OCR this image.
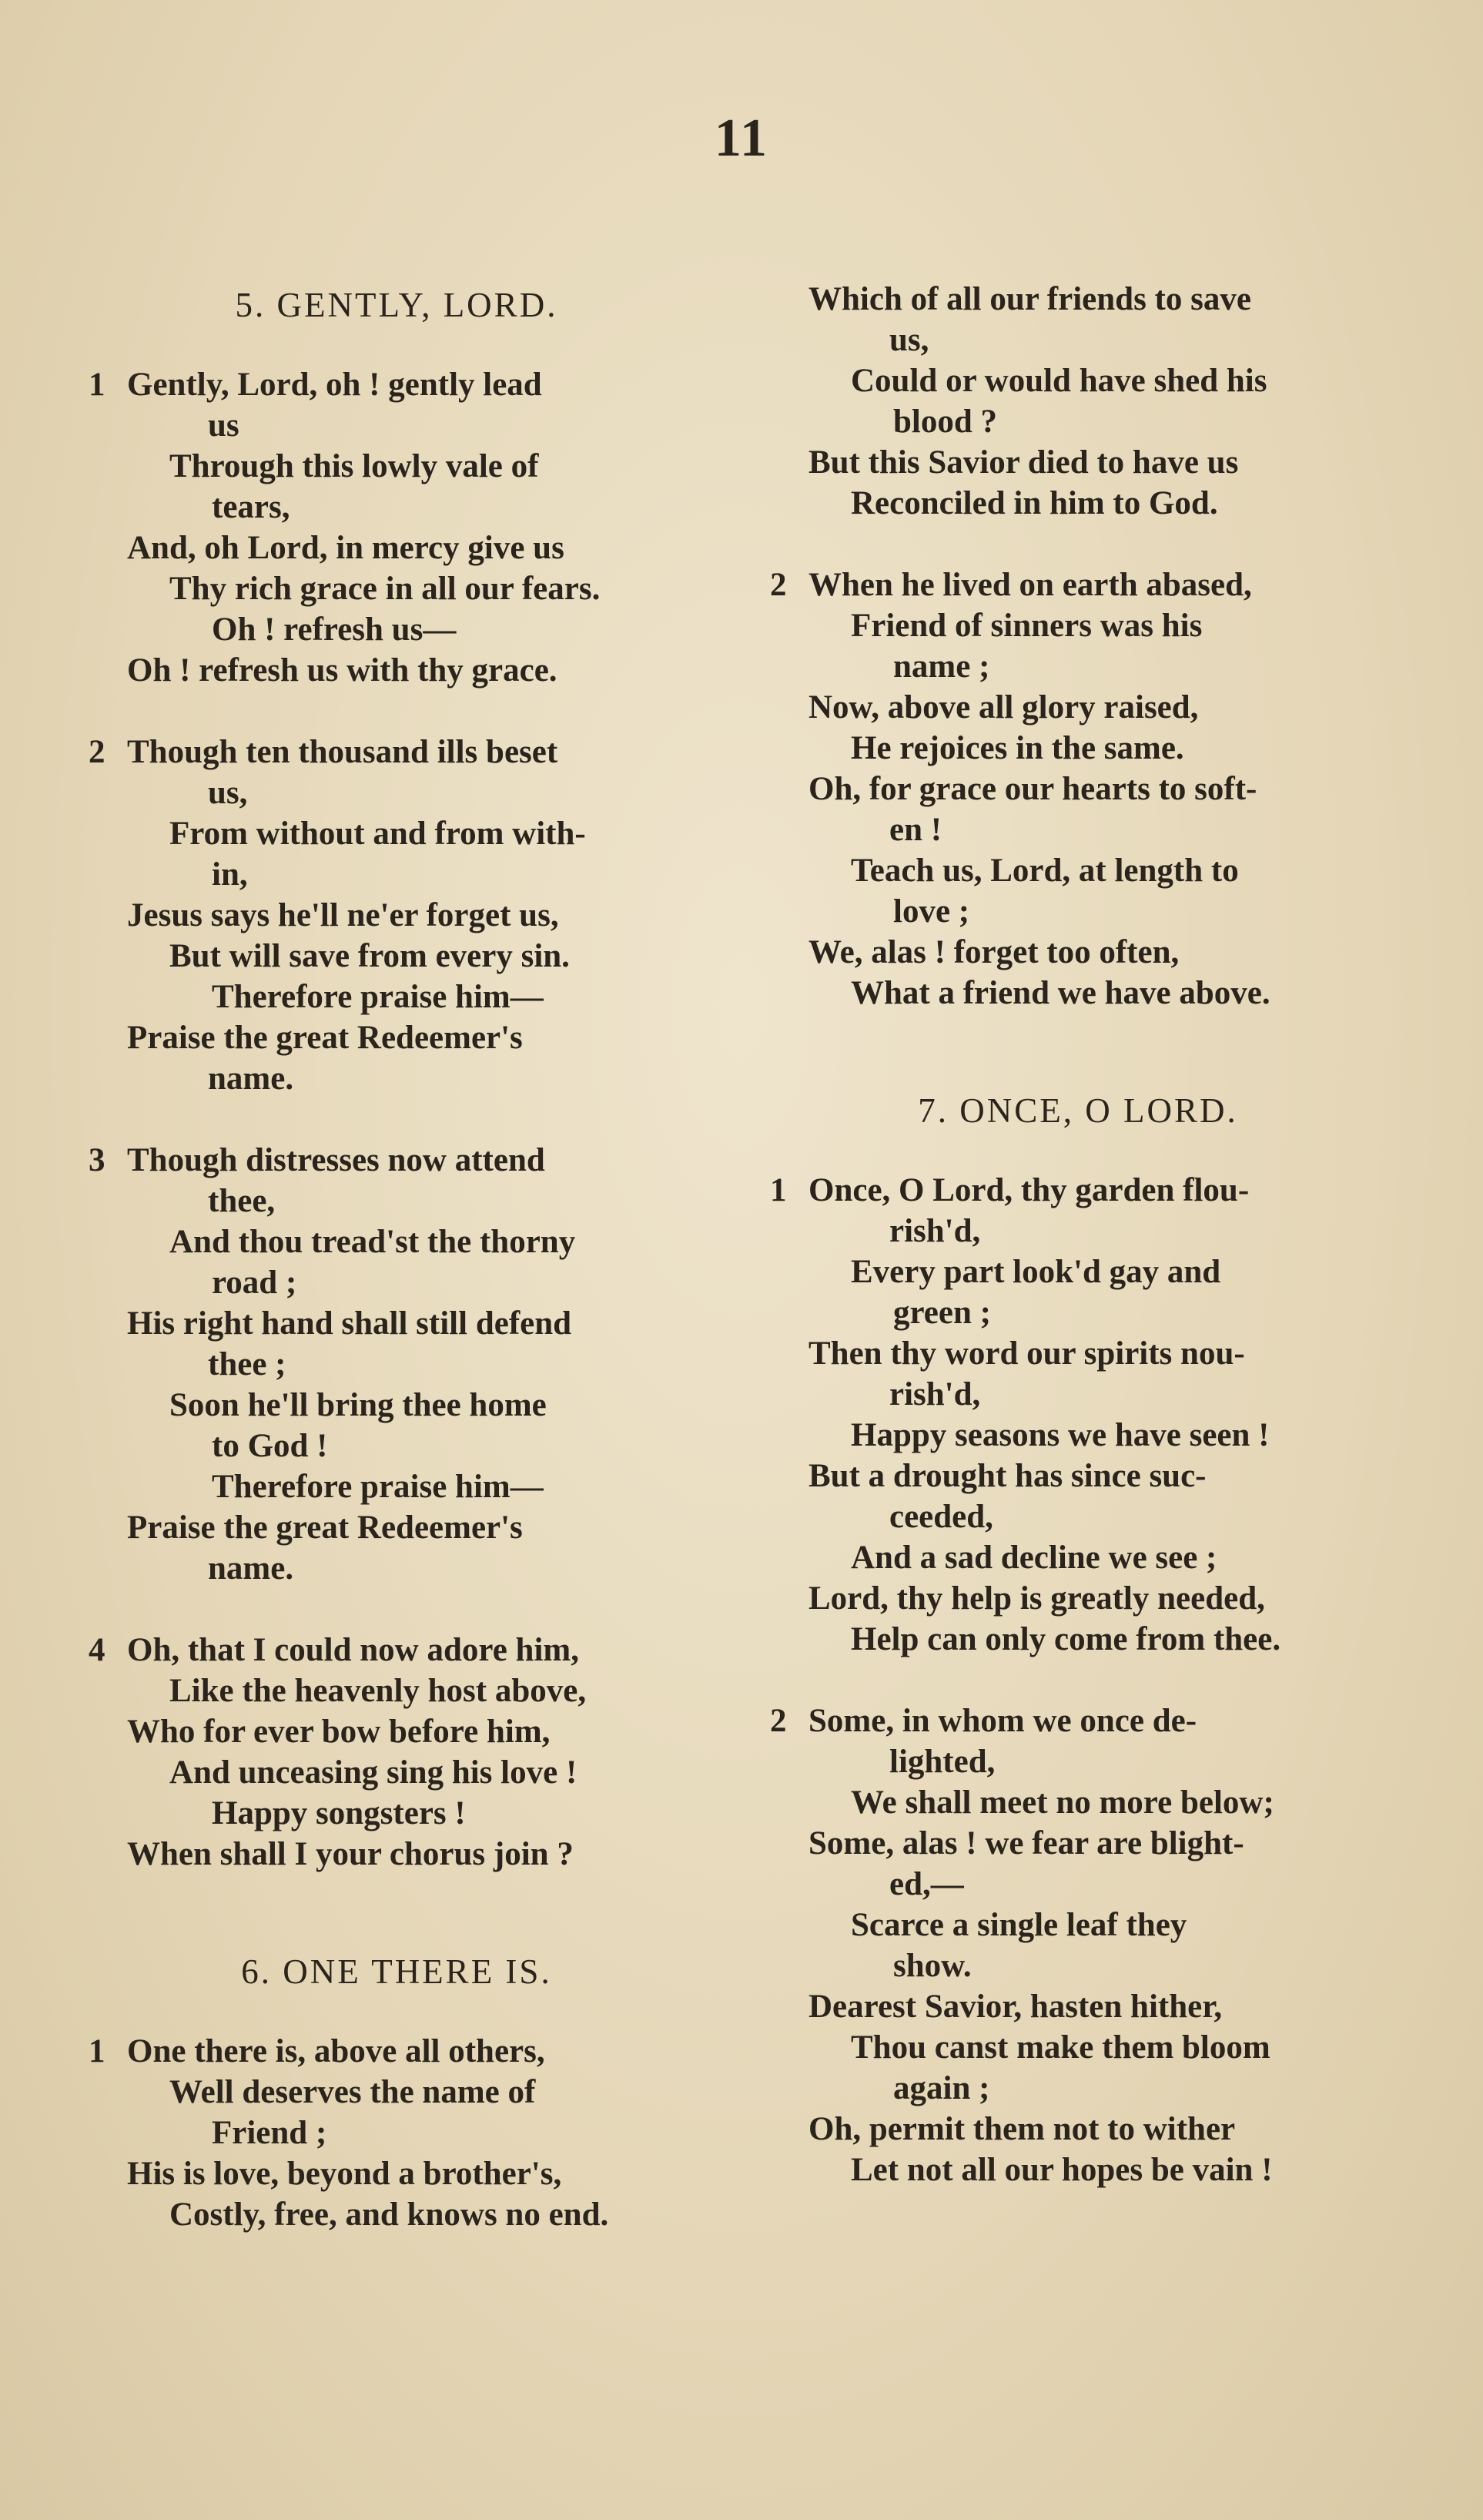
11
5. GENTLY, LORD.
1 Gently, Lord, oh ! gently lead
us
Through this lowly vale of
tears,
And, oh Lord, in mercy give us
Thy rich grace in all our fears.
Oh ! refresh us—
Oh ! refresh us with thy grace.
2 Though ten thousand ills beset
us,
From without and from with-
in,
Jesus says he'll ne'er forget us,
But will save from every sin.
Therefore praise him—
Praise the great Redeemer's
name.
3 Though distresses now attend
thee,
And thou tread'st the thorny
road ;
His right hand shall still defend
thee ;
Soon he'll bring thee home
to God !
Therefore praise him—
Praise the great Redeemer's
name.
4 Oh, that I could now adore him,
Like the heavenly host above,
Who for ever bow before him,
And unceasing sing his love !
Happy songsters !
When shall I your chorus join ?
6. ONE THERE IS.
1 One there is, above all others,
Well deserves the name of
Friend ;
His is love, beyond a brother's,
Costly, free, and knows no end.
Which of all our friends to save
us,
Could or would have shed his
blood ?
But this Savior died to have us
Reconciled in him to God.
2 When he lived on earth abased,
Friend of sinners was his
name ;
Now, above all glory raised,
He rejoices in the same.
Oh, for grace our hearts to soft-
en !
Teach us, Lord, at length to
love ;
We, alas ! forget too often,
What a friend we have above.
7. ONCE, O LORD.
1 Once, O Lord, thy garden flou-
rish'd,
Every part look'd gay and
green ;
Then thy word our spirits nou-
rish'd,
Happy seasons we have seen !
But a drought has since suc-
ceeded,
And a sad decline we see ;
Lord, thy help is greatly needed,
Help can only come from thee.
2 Some, in whom we once de-
lighted,
We shall meet no more below;
Some, alas ! we fear are blight-
ed,—
Scarce a single leaf they
show.
Dearest Savior, hasten hither,
Thou canst make them bloom
again ;
Oh, permit them not to wither
Let not all our hopes be vain !
